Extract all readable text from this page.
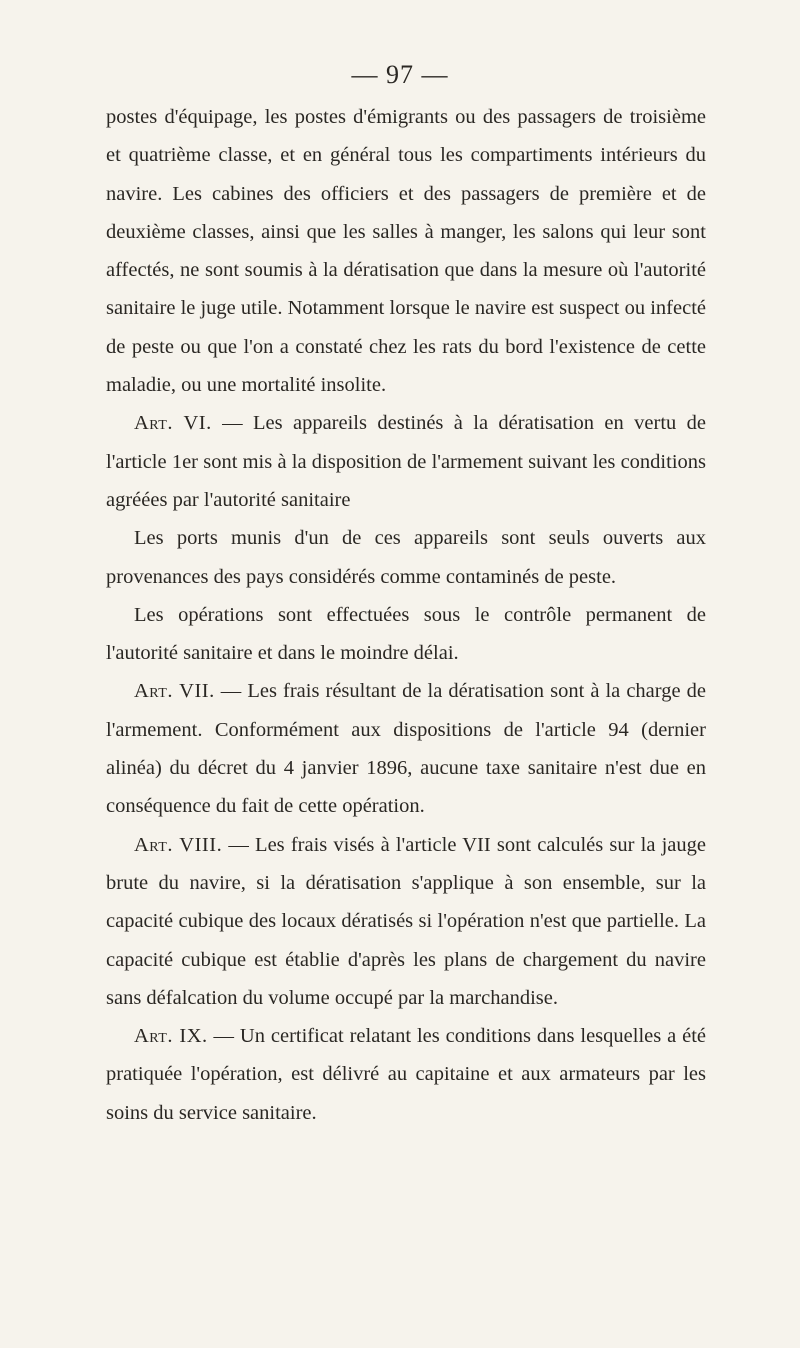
— 97 —

postes d'équipage, les postes d'émigrants ou des passagers de troisième et quatrième classe, et en général tous les compartiments intérieurs du navire. Les cabines des officiers et des passagers de première et de deuxième classes, ainsi que les salles à manger, les salons qui leur sont affectés, ne sont soumis à la dératisation que dans la mesure où l'autorité sanitaire le juge utile. Notamment lorsque le navire est suspect ou infecté de peste ou que l'on a constaté chez les rats du bord l'existence de cette maladie, ou une mortalité insolite.

Art. VI. — Les appareils destinés à la dératisation en vertu de l'article 1er sont mis à la disposition de l'armement suivant les conditions agréées par l'autorité sanitaire

Les ports munis d'un de ces appareils sont seuls ouverts aux provenances des pays considérés comme contaminés de peste.

Les opérations sont effectuées sous le contrôle permanent de l'autorité sanitaire et dans le moindre délai.

Art. VII. — Les frais résultant de la dératisation sont à la charge de l'armement. Conformément aux dispositions de l'article 94 (dernier alinéa) du décret du 4 janvier 1896, aucune taxe sanitaire n'est due en conséquence du fait de cette opération.

Art. VIII. — Les frais visés à l'article VII sont calculés sur la jauge brute du navire, si la dératisation s'applique à son ensemble, sur la capacité cubique des locaux dératisés si l'opération n'est que partielle. La capacité cubique est établie d'après les plans de chargement du navire sans défalcation du volume occupé par la marchandise.

Art. IX. — Un certificat relatant les conditions dans lesquelles a été pratiquée l'opération, est délivré au capitaine et aux armateurs par les soins du service sanitaire.
